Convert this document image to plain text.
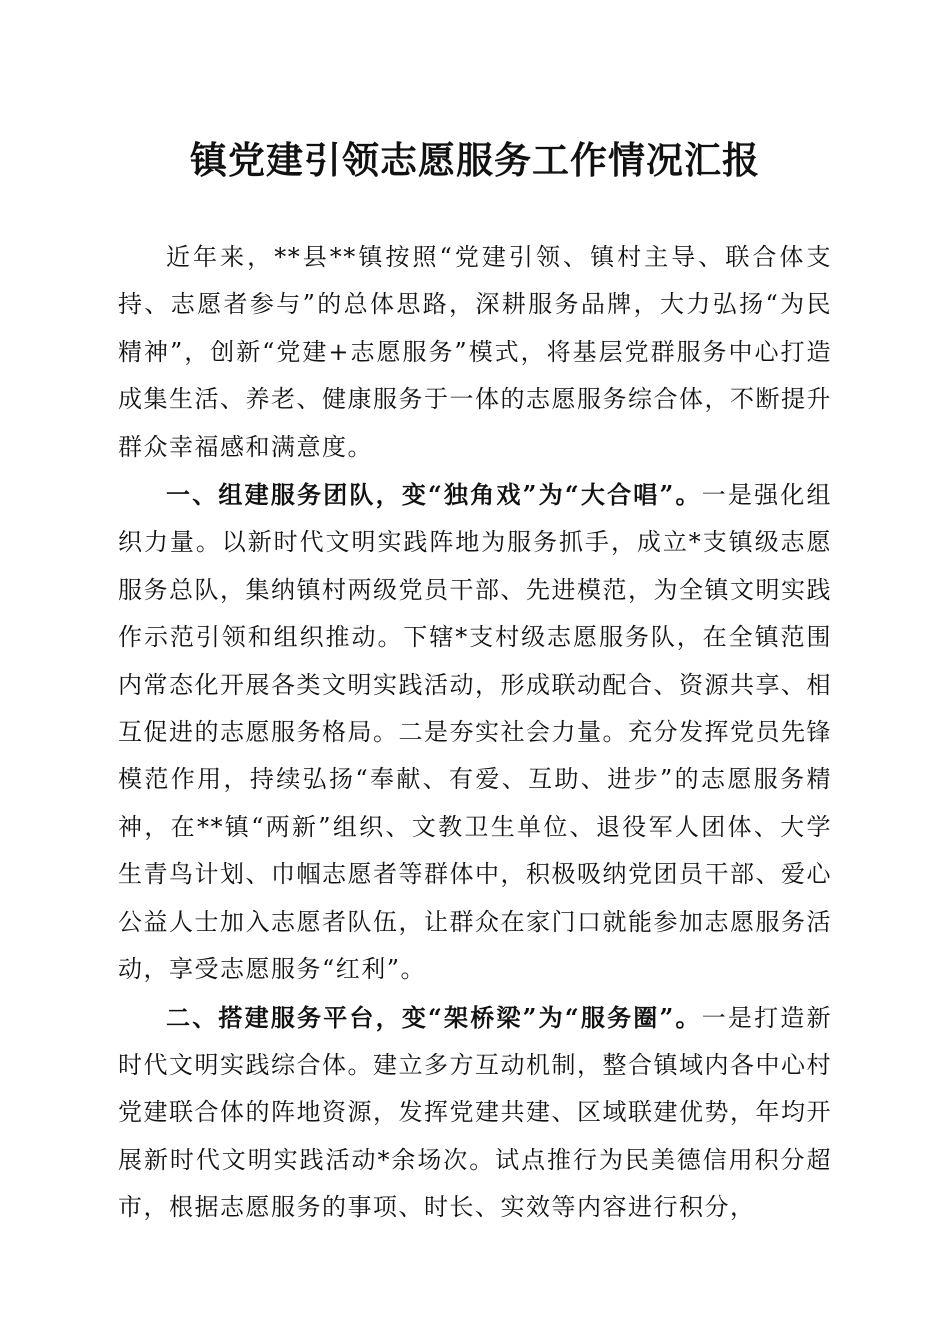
镇党建引领志愿服务工作情况汇报

近年来，**县**镇按照“党建引领、镇村主导、联合体支持、志愿者参与”的总体思路，深耕服务品牌，大力弘扬“为民精神”，创新“党建+志愿服务”模式，将基层党群服务中心打造成集生活、养老、健康服务于一体的志愿服务综合体，不断提升群众幸福感和满意度。

一、组建服务团队，变“独角戏”为“大合唱”。一是强化组织力量。以新时代文明实践阵地为服务抓手，成立*支镇级志愿服务总队，集纳镇村两级党员干部、先进模范，为全镇文明实践作示范引领和组织推动。下辖*支村级志愿服务队，在全镇范围内常态化开展各类文明实践活动，形成联动配合、资源共享、相互促进的志愿服务格局。二是夯实社会力量。充分发挥党员先锋模范作用，持续弘扬“奉献、有爱、互助、进步”的志愿服务精神，在**镇“两新”组织、文教卫生单位、退役军人团体、大学生青鸟计划、巾帼志愿者等群体中，积极吸纳党团员干部、爱心公益人士加入志愿者队伍，让群众在家门口就能参加志愿服务活动，享受志愿服务“红利”。

二、搭建服务平台，变“架桥梁”为“服务圈”。一是打造新时代文明实践综合体。建立多方互动机制，整合镇域内各中心村党建联合体的阵地资源，发挥党建共建、区域联建优势，年均开展新时代文明实践活动*余场次。试点推行为民美德信用积分超市，根据志愿服务的事项、时长、实效等内容进行积分，
